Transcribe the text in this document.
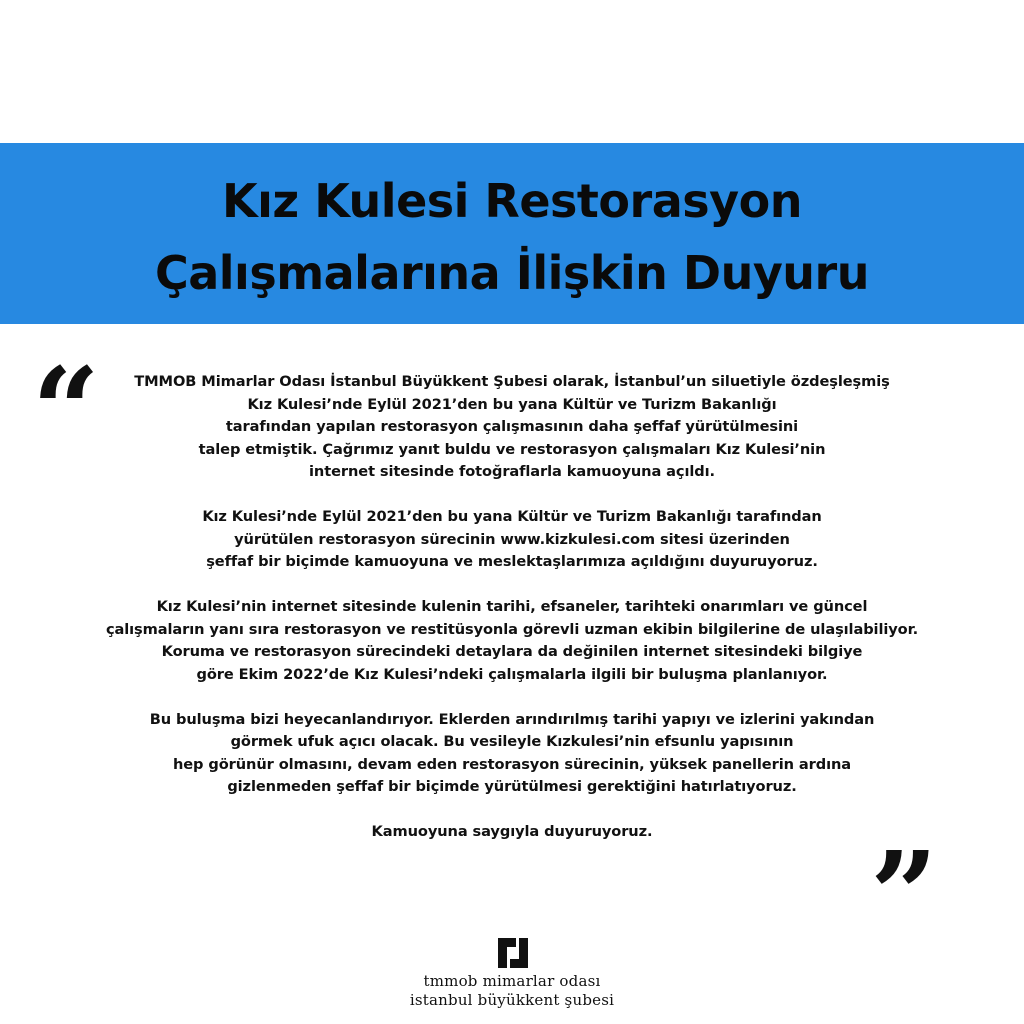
Kız Kulesi Restorasyon
Çalışmalarına İlişkin Duyuru
“
”
TMMOB Mimarlar Odası İstanbul Büyükkent Şubesi olarak, İstanbul’un siluetiyle özdeşleşmiş
Kız Kulesi’nde Eylül 2021’den bu yana Kültür ve Turizm Bakanlığı
tarafından yapılan restorasyon çalışmasının daha şeffaf yürütülmesini
talep etmiştik. Çağrımız yanıt buldu ve restorasyon çalışmaları Kız Kulesi’nin
internet sitesinde fotoğraflarla kamuoyuna açıldı.
Kız Kulesi’nde Eylül 2021’den bu yana Kültür ve Turizm Bakanlığı tarafından
yürütülen restorasyon sürecinin www.kizkulesi.com sitesi üzerinden
şeffaf bir biçimde kamuoyuna ve meslektaşlarımıza açıldığını duyuruyoruz.
Kız Kulesi’nin internet sitesinde kulenin tarihi, efsaneler, tarihteki onarımları ve güncel
çalışmaların yanı sıra restorasyon ve restitüsyonla görevli uzman ekibin bilgilerine de ulaşılabiliyor.
Koruma ve restorasyon sürecindeki detaylara da değinilen internet sitesindeki bilgiye
göre Ekim 2022’de Kız Kulesi’ndeki çalışmalarla ilgili bir buluşma planlanıyor.
Bu buluşma bizi heyecanlandırıyor. Eklerden arındırılmış tarihi yapıyı ve izlerini yakından
görmek ufuk açıcı olacak. Bu vesileyle Kızkulesi’nin efsunlu yapısının
hep görünür olmasını, devam eden restorasyon sürecinin, yüksek panellerin ardına
gizlenmeden şeffaf bir biçimde yürütülmesi gerektiğini hatırlatıyoruz.
Kamuoyuna saygıyla duyuruyoruz.
tmmob mimarlar odası
istanbul büyükkent şubesi
